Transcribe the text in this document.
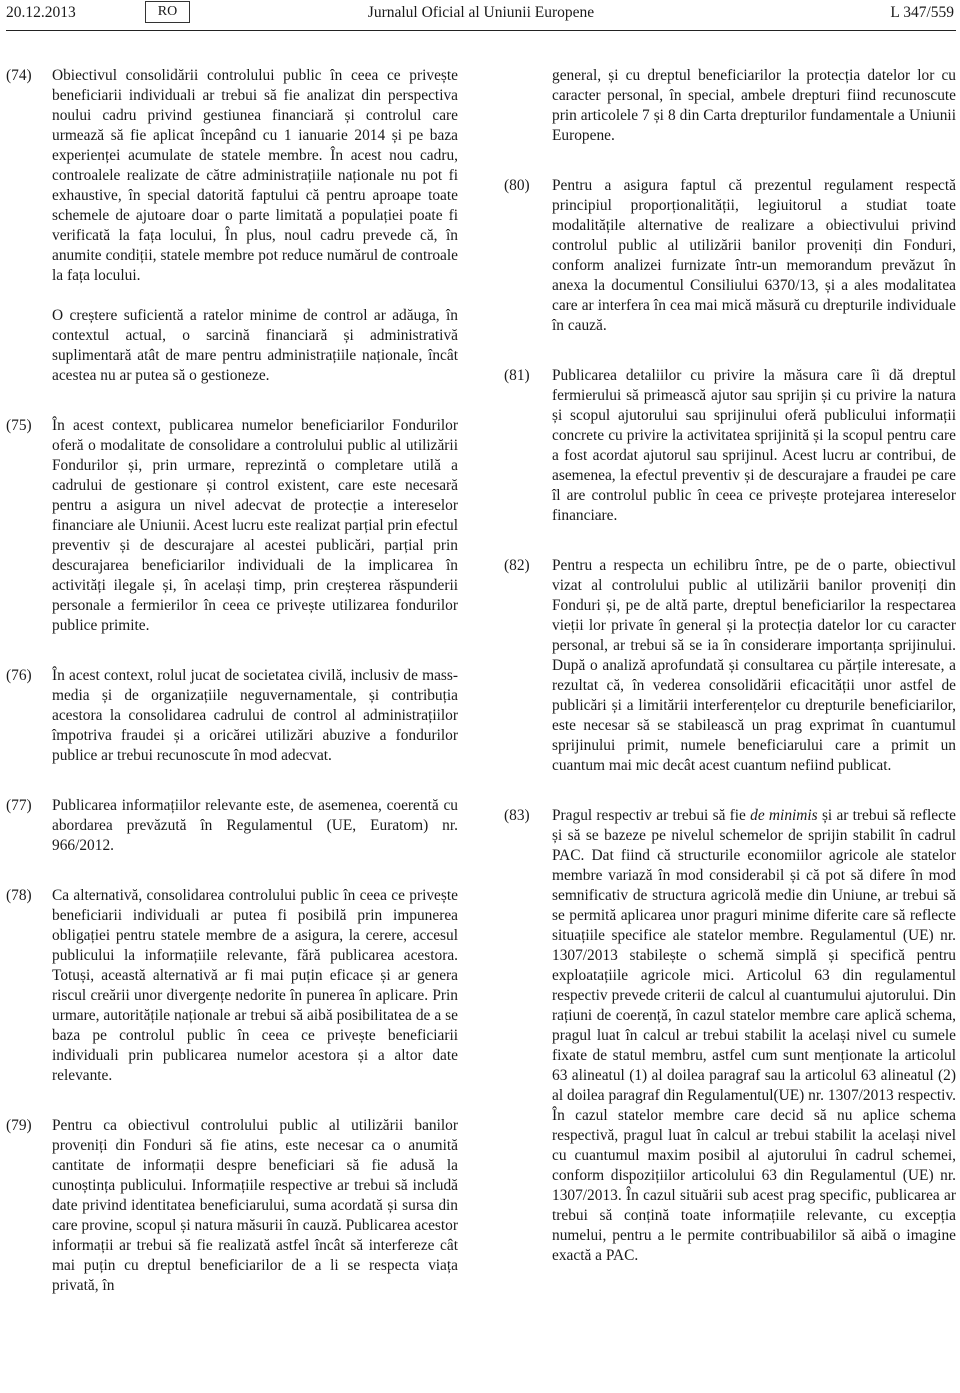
20.12.2013	RO	Jurnalul Oficial al Uniunii Europene	L 347/559
(74)	Obiectivul consolidării controlului public în ceea ce privește beneficiarii individuali ar trebui să fie analizat din perspectiva noului cadru privind gestiunea financiară și controlul care urmează să fie aplicat începând cu 1 ianuarie 2014 și pe baza experienței acumulate de statele membre. În acest nou cadru, controalele realizate de către administrațiile naționale nu pot fi exhaustive, în special datorită faptului că pentru aproape toate schemele de ajutoare doar o parte limitată a populației poate fi verificată la fața locului, În plus, noul cadru prevede că, în anumite condiții, statele membre pot reduce numărul de controale la fața locului.

O creștere suficientă a ratelor minime de control ar adăuga, în contextul actual, o sarcină financiară și administrativă suplimentară atât de mare pentru administrațiile naționale, încât acestea nu ar putea să o gestioneze.

(75)	În acest context, publicarea numelor beneficiarilor Fondurilor oferă o modalitate de consolidare a controlului public al utilizării Fondurilor și, prin urmare, reprezintă o completare utilă a cadrului de gestionare și control existent, care este necesară pentru a asigura un nivel adecvat de protecție a intereselor financiare ale Uniunii. Acest lucru este realizat parțial prin efectul preventiv și de descurajare al acestei publicări, parțial prin descurajarea beneficiarilor individuali de la implicarea în activități ilegale și, în același timp, prin creșterea răspunderii personale a fermierilor în ceea ce privește utilizarea fondurilor publice primite.

(76)	În acest context, rolul jucat de societatea civilă, inclusiv de mass-media și de organizațiile neguvernamentale, și contribuția acestora la consolidarea cadrului de control al administrațiilor împotriva fraudei și a oricărei utilizări abuzive a fondurilor publice ar trebui recunoscute în mod adecvat.

(77)	Publicarea informațiilor relevante este, de asemenea, coerentă cu abordarea prevăzută în Regulamentul (UE, Euratom) nr. 966/2012.

(78)	Ca alternativă, consolidarea controlului public în ceea ce privește beneficiarii individuali ar putea fi posibilă prin impunerea obligației pentru statele membre de a asigura, la cerere, accesul publicului la informațiile relevante, fără publicarea acestora. Totuși, această alternativă ar fi mai puțin eficace și ar genera riscul creării unor divergențe nedorite în punerea în aplicare. Prin urmare, autoritățile naționale ar trebui să aibă posibilitatea de a se baza pe controlul public în ceea ce privește beneficiarii individuali prin publicarea numelor acestora și a altor date relevante.

(79)	Pentru ca obiectivul controlului public al utilizării banilor proveniți din Fonduri să fie atins, este necesar ca o anumită cantitate de informații despre beneficiari să fie adusă la cunoștința publicului. Informațiile respective ar trebui să includă date privind identitatea beneficiarului, suma acordată și sursa din care provine, scopul și natura măsurii în cauză. Publicarea acestor informații ar trebui să fie realizată astfel încât să interfereze cât mai puțin cu dreptul beneficiarilor de a li se respecta viața privată, în

general, și cu dreptul beneficiarilor la protecția datelor lor cu caracter personal, în special, ambele drepturi fiind recunoscute prin articolele 7 și 8 din Carta drepturilor fundamentale a Uniunii Europene.
(80)	Pentru a asigura faptul că prezentul regulament respectă principiul proporționalității, legiuitorul a studiat toate modalitățile alternative de realizare a obiectivului privind controlul public al utilizării banilor proveniți din Fonduri, conform analizei furnizate într-un memorandum prevăzut în anexa la documentul Consiliului 6370/13, și a ales modalitatea care ar interfera în cea mai mică măsură cu drepturile individuale în cauză.
(81)	Publicarea detaliilor cu privire la măsura care îi dă dreptul fermierului să primească ajutor sau sprijin și cu privire la natura și scopul ajutorului sau sprijinului oferă publicului informații concrete cu privire la activitatea sprijinită și la scopul pentru care a fost acordat ajutorul sau sprijinul. Acest lucru ar contribui, de asemenea, la efectul preventiv și de descurajare a fraudei pe care îl are controlul public în ceea ce privește protejarea intereselor financiare.
(82)	Pentru a respecta un echilibru între, pe de o parte, obiectivul vizat al controlului public al utilizării banilor proveniți din Fonduri și, pe de altă parte, dreptul beneficiarilor la respectarea vieții lor private în general și la protecția datelor lor cu caracter personal, ar trebui să se ia în considerare importanța sprijinului. După o analiză aprofundată și consultarea cu părțile interesate, a rezultat că, în vederea consolidării eficacității unor astfel de publicări și a limitării interferențelor cu drepturile beneficiarilor, este necesar să se stabilească un prag exprimat în cuantumul sprijinului primit, numele beneficiarului care a primit un cuantum mai mic decât acest cuantum nefiind publicat.
(83)	Pragul respectiv ar trebui să fie de minimis și ar trebui să reflecte și să se bazeze pe nivelul schemelor de sprijin stabilit în cadrul PAC. Dat fiind că structurile economiilor agricole ale statelor membre variază în mod considerabil și că pot să difere în mod semnificativ de structura agricolă medie din Uniune, ar trebui să se permită aplicarea unor praguri minime diferite care să reflecte situațiile specifice ale statelor membre. Regulamentul (UE) nr. 1307/2013 stabilește o schemă simplă și specifică pentru exploatațiile agricole mici. Articolul 63 din regulamentul respectiv prevede criterii de calcul al cuantumului ajutorului. Din rațiuni de coerență, în cazul statelor membre care aplică schema, pragul luat în calcul ar trebui stabilit la același nivel cu sumele fixate de statul membru, astfel cum sunt menționate la articolul 63 alineatul (1) al doilea paragraf sau la articolul 63 alineatul (2) al doilea paragraf din Regulamentul(UE) nr. 1307/2013 respectiv. În cazul statelor membre care decid să nu aplice schema respectivă, pragul luat în calcul ar trebui stabilit la același nivel cu cuantumul maxim posibil al ajutorului în cadrul schemei, conform dispozițiilor articolului 63 din Regulamentul (UE) nr. 1307/2013. În cazul situării sub acest prag specific, publicarea ar trebui să conțină toate informațiile relevante, cu excepția numelui, pentru a le permite contribuabililor să aibă o imagine exactă a PAC.
